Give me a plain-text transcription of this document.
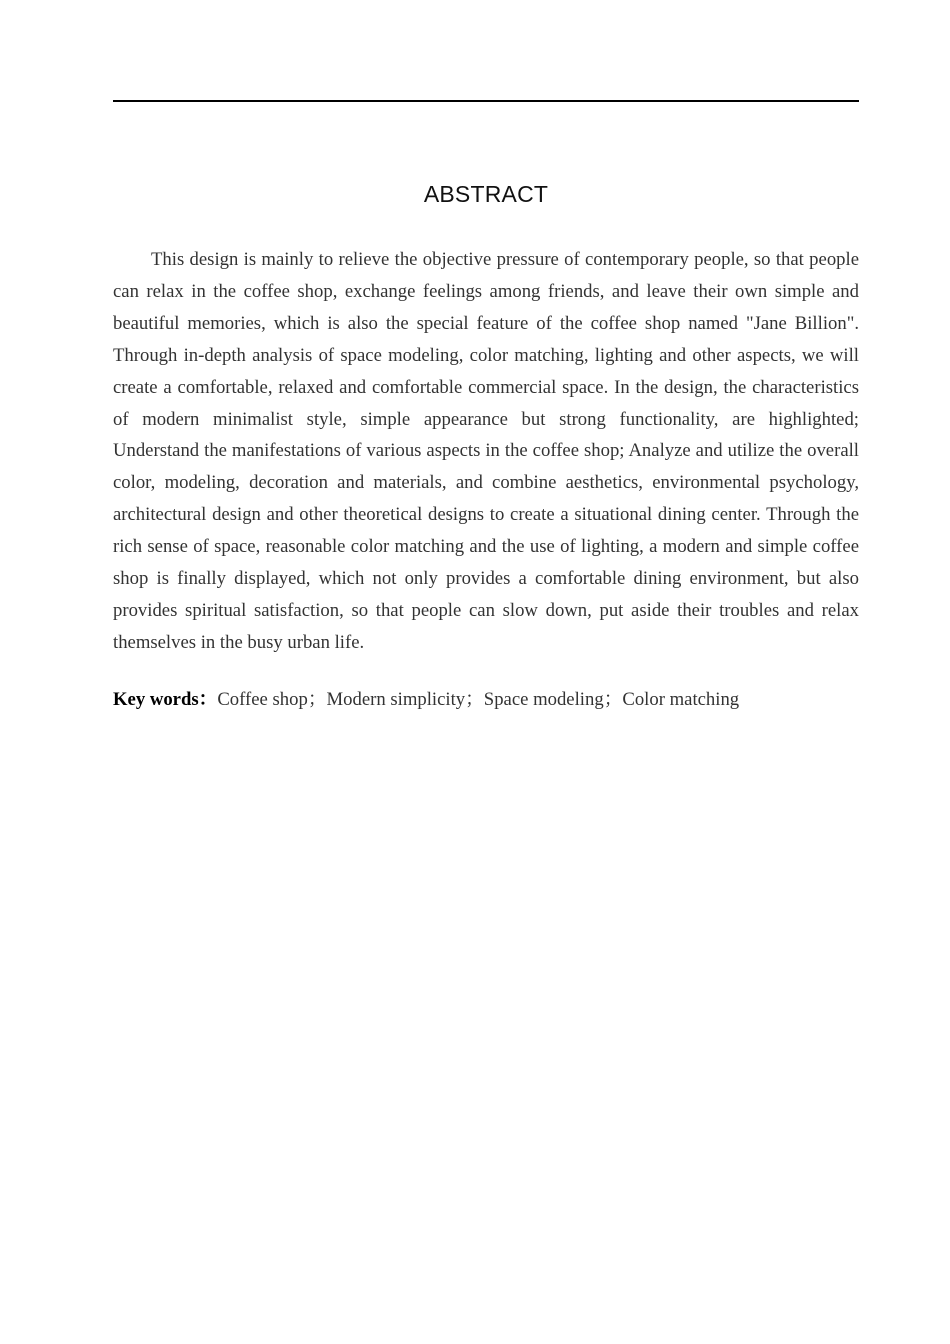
ABSTRACT

This design is mainly to relieve the objective pressure of contemporary people, so that people can relax in the coffee shop, exchange feelings among friends, and leave their own simple and beautiful memories, which is also the special feature of the coffee shop named "Jane Billion". Through in-depth analysis of space modeling, color matching, lighting and other aspects, we will create a comfortable, relaxed and comfortable commercial space. In the design, the characteristics of modern minimalist style, simple appearance but strong functionality, are highlighted; Understand the manifestations of various aspects in the coffee shop; Analyze and utilize the overall color, modeling, decoration and materials, and combine aesthetics, environmental psychology, architectural design and other theoretical designs to create a situational dining center. Through the rich sense of space, reasonable color matching and the use of lighting, a modern and simple coffee shop is finally displayed, which not only provides a comfortable dining environment, but also provides spiritual satisfaction, so that people can slow down, put aside their troubles and relax themselves in the busy urban life.

Key words：Coffee shop；Modern simplicity；Space modeling；Color matching
